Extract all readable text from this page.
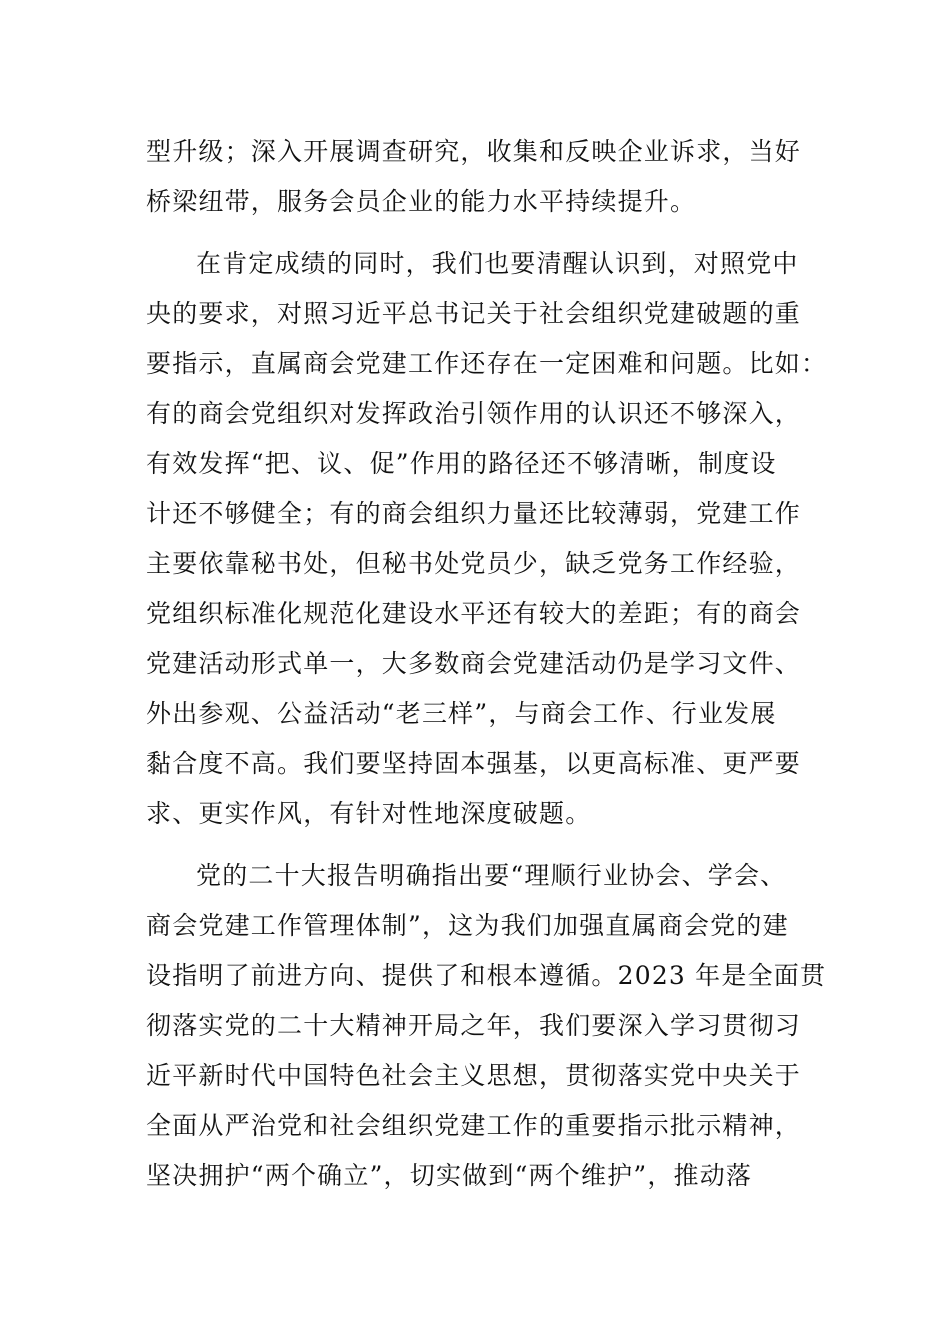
型升级；深入开展调查研究，收集和反映企业诉求，当好
桥梁纽带，服务会员企业的能力水平持续提升。
在肯定成绩的同时，我们也要清醒认识到，对照党中
央的要求，对照习近平总书记关于社会组织党建破题的重
要指示，直属商会党建工作还存在一定困难和问题。比如：
有的商会党组织对发挥政治引领作用的认识还不够深入，
有效发挥“把、议、促”作用的路径还不够清晰，制度设
计还不够健全；有的商会组织力量还比较薄弱，党建工作
主要依靠秘书处，但秘书处党员少，缺乏党务工作经验，
党组织标准化规范化建设水平还有较大的差距；有的商会
党建活动形式单一，大多数商会党建活动仍是学习文件、
外出参观、公益活动“老三样”，与商会工作、行业发展
黏合度不高。我们要坚持固本强基，以更高标准、更严要
求、更实作风，有针对性地深度破题。
党的二十大报告明确指出要“理顺行业协会、学会、
商会党建工作管理体制”，这为我们加强直属商会党的建
设指明了前进方向、提供了和根本遵循。2023 年是全面贯
彻落实党的二十大精神开局之年，我们要深入学习贯彻习
近平新时代中国特色社会主义思想，贯彻落实党中央关于
全面从严治党和社会组织党建工作的重要指示批示精神，
坚决拥护“两个确立”，切实做到“两个维护”，推动落
